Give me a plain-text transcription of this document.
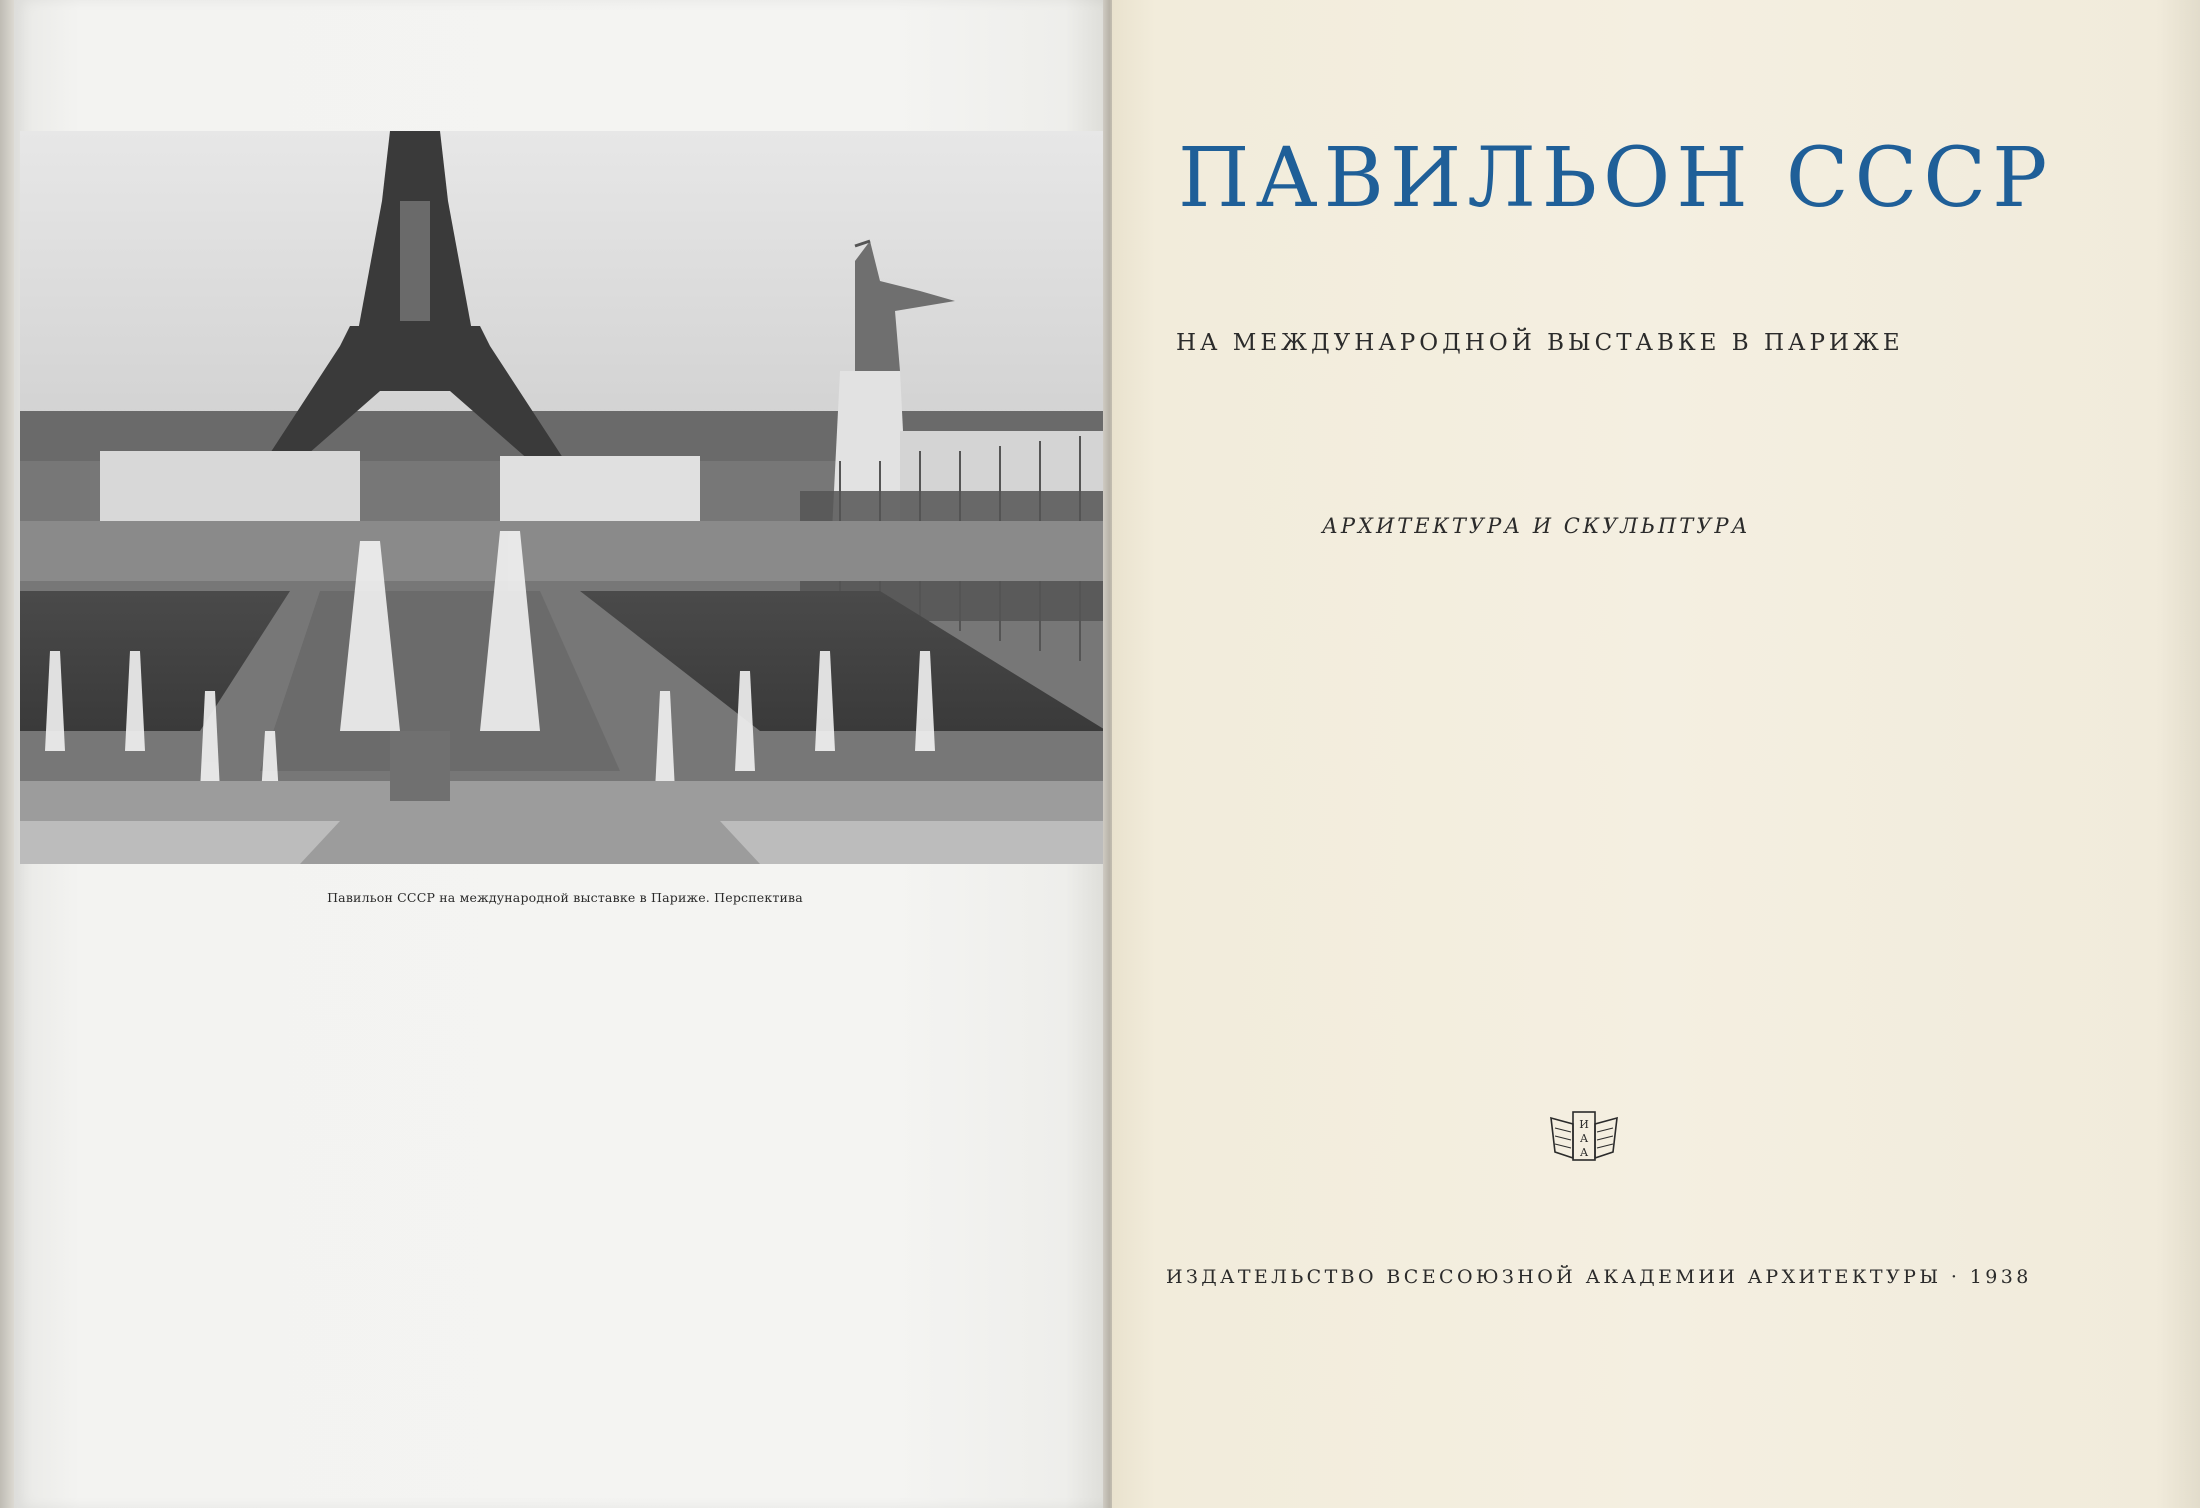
Павильон СССР на международной выставке в Париже. Перспектива
ПАВИЛЬОН СССР
НА МЕЖДУНАРОДНОЙ ВЫСТАВКЕ В ПАРИЖЕ
АРХИТЕКТУРА И СКУЛЬПТУРА
И
А
А
ИЗДАТЕЛЬСТВО ВСЕСОЮЗНОЙ АКАДЕМИИ АРХИТЕКТУРЫ · 1938
